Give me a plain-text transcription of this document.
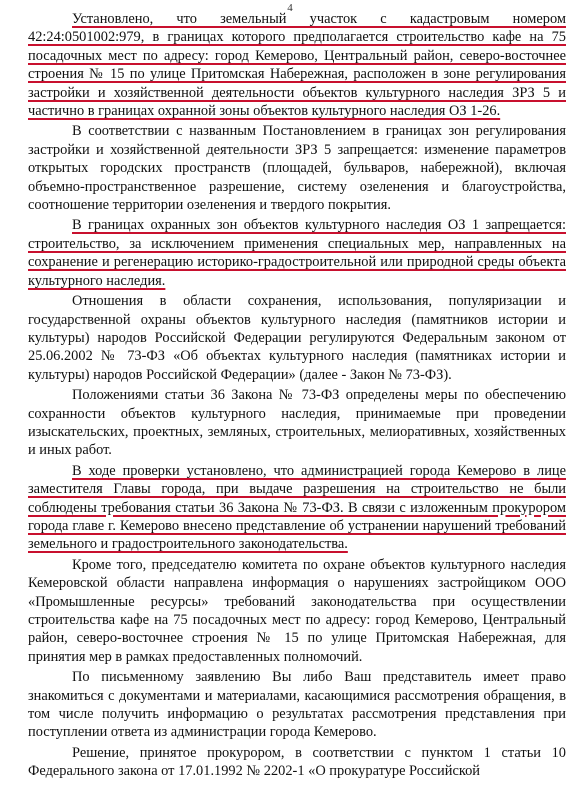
4

Установлено, что земельный участок с кадастровым номером 42:24:0501002:979, в границах которого предполагается строительство кафе на 75 посадочных мест по адресу: город Кемерово, Центральный район, северо-восточнее строения № 15 по улице Притомская Набережная, расположен в зоне регулирования застройки и хозяйственной деятельности объектов культурного наследия ЗРЗ 5 и частично в границах охранной зоны объектов культурного наследия ОЗ 1-26.

В соответствии с названным Постановлением в границах зон регулирования застройки и хозяйственной деятельности ЗРЗ 5 запрещается: изменение параметров открытых городских пространств (площадей, бульваров, набережной), включая объемно-пространственное разрешение, систему озеленения и благоустройства, соотношение территории озеленения и твердого покрытия.

В границах охранных зон объектов культурного наследия ОЗ 1 запрещается: строительство, за исключением применения специальных мер, направленных на сохранение и регенерацию историко-градостроительной или природной среды объекта культурного наследия.

Отношения в области сохранения, использования, популяризации и государственной охраны объектов культурного наследия (памятников истории и культуры) народов Российской Федерации регулируются Федеральным законом от 25.06.2002 № 73-ФЗ «Об объектах культурного наследия (памятниках истории и культуры) народов Российской Федерации» (далее - Закон № 73-ФЗ).

Положениями статьи 36 Закона № 73-ФЗ определены меры по обеспечению сохранности объектов культурного наследия, принимаемые при проведении изыскательских, проектных, земляных, строительных, мелиоративных, хозяйственных и иных работ.

В ходе проверки установлено, что администрацией города Кемерово в лице заместителя Главы города, при выдаче разрешения на строительство не были соблюдены требования статьи 36 Закона № 73-ФЗ. В связи с изложенным прокурором города главе г. Кемерово внесено представление об устранении нарушений требований земельного и градостроительного законодательства.

Кроме того, председателю комитета по охране объектов культурного наследия Кемеровской области направлена информация о нарушениях застройщиком ООО «Промышленные ресурсы» требований законодательства при осуществлении строительства кафе на 75 посадочных мест по адресу: город Кемерово, Центральный район, северо-восточнее строения № 15 по улице Притомская Набережная, для принятия мер в рамках предоставленных полномочий.

По письменному заявлению Вы либо Ваш представитель имеет право знакомиться с документами и материалами, касающимися рассмотрения обращения, в том числе получить информацию о результатах рассмотрения представления при поступлении ответа из администрации города Кемерово.

Решение, принятое прокурором, в соответствии с пунктом 1 статьи 10 Федерального закона от 17.01.1992 № 2202-1 «О прокуратуре Российской
